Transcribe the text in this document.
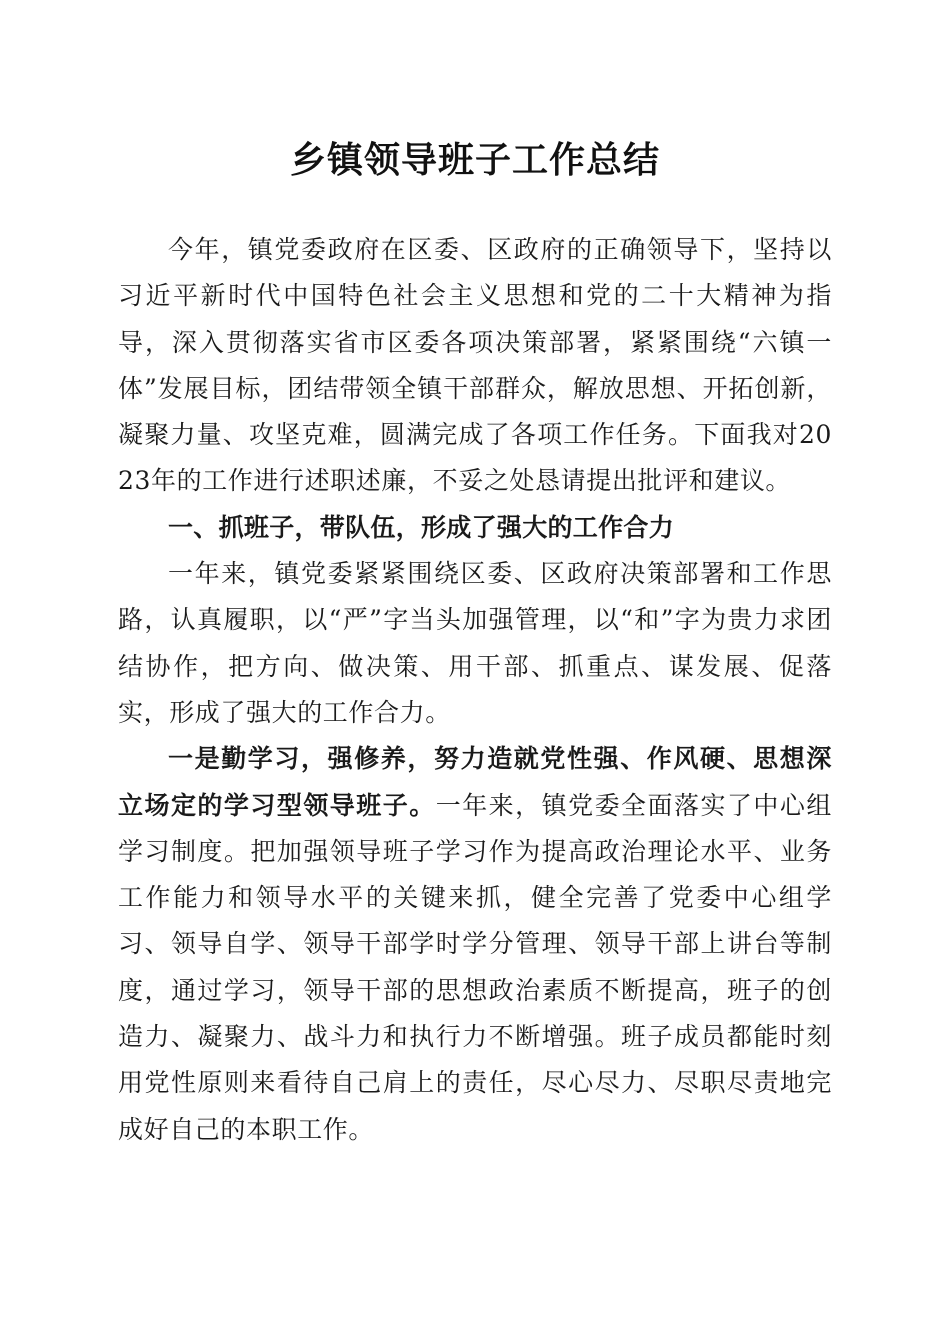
乡镇领导班子工作总结

今年，镇党委政府在区委、区政府的正确领导下，坚持以习近平新时代中国特色社会主义思想和党的二十大精神为指导，深入贯彻落实省市区委各项决策部署，紧紧围绕“六镇一体”发展目标，团结带领全镇干部群众，解放思想、开拓创新，凝聚力量、攻坚克难，圆满完成了各项工作任务。下面我对2023年的工作进行述职述廉，不妥之处恳请提出批评和建议。

一、抓班子，带队伍，形成了强大的工作合力

一年来，镇党委紧紧围绕区委、区政府决策部署和工作思路，认真履职，以“严”字当头加强管理，以“和”字为贵力求团结协作，把方向、做决策、用干部、抓重点、谋发展、促落实，形成了强大的工作合力。

一是勤学习，强修养，努力造就党性强、作风硬、思想深立场定的学习型领导班子。一年来，镇党委全面落实了中心组学习制度。把加强领导班子学习作为提高政治理论水平、业务工作能力和领导水平的关键来抓，健全完善了党委中心组学习、领导自学、领导干部学时学分管理、领导干部上讲台等制度，通过学习，领导干部的思想政治素质不断提高，班子的创造力、凝聚力、战斗力和执行力不断增强。班子成员都能时刻用党性原则来看待自己肩上的责任，尽心尽力、尽职尽责地完成好自己的本职工作。
